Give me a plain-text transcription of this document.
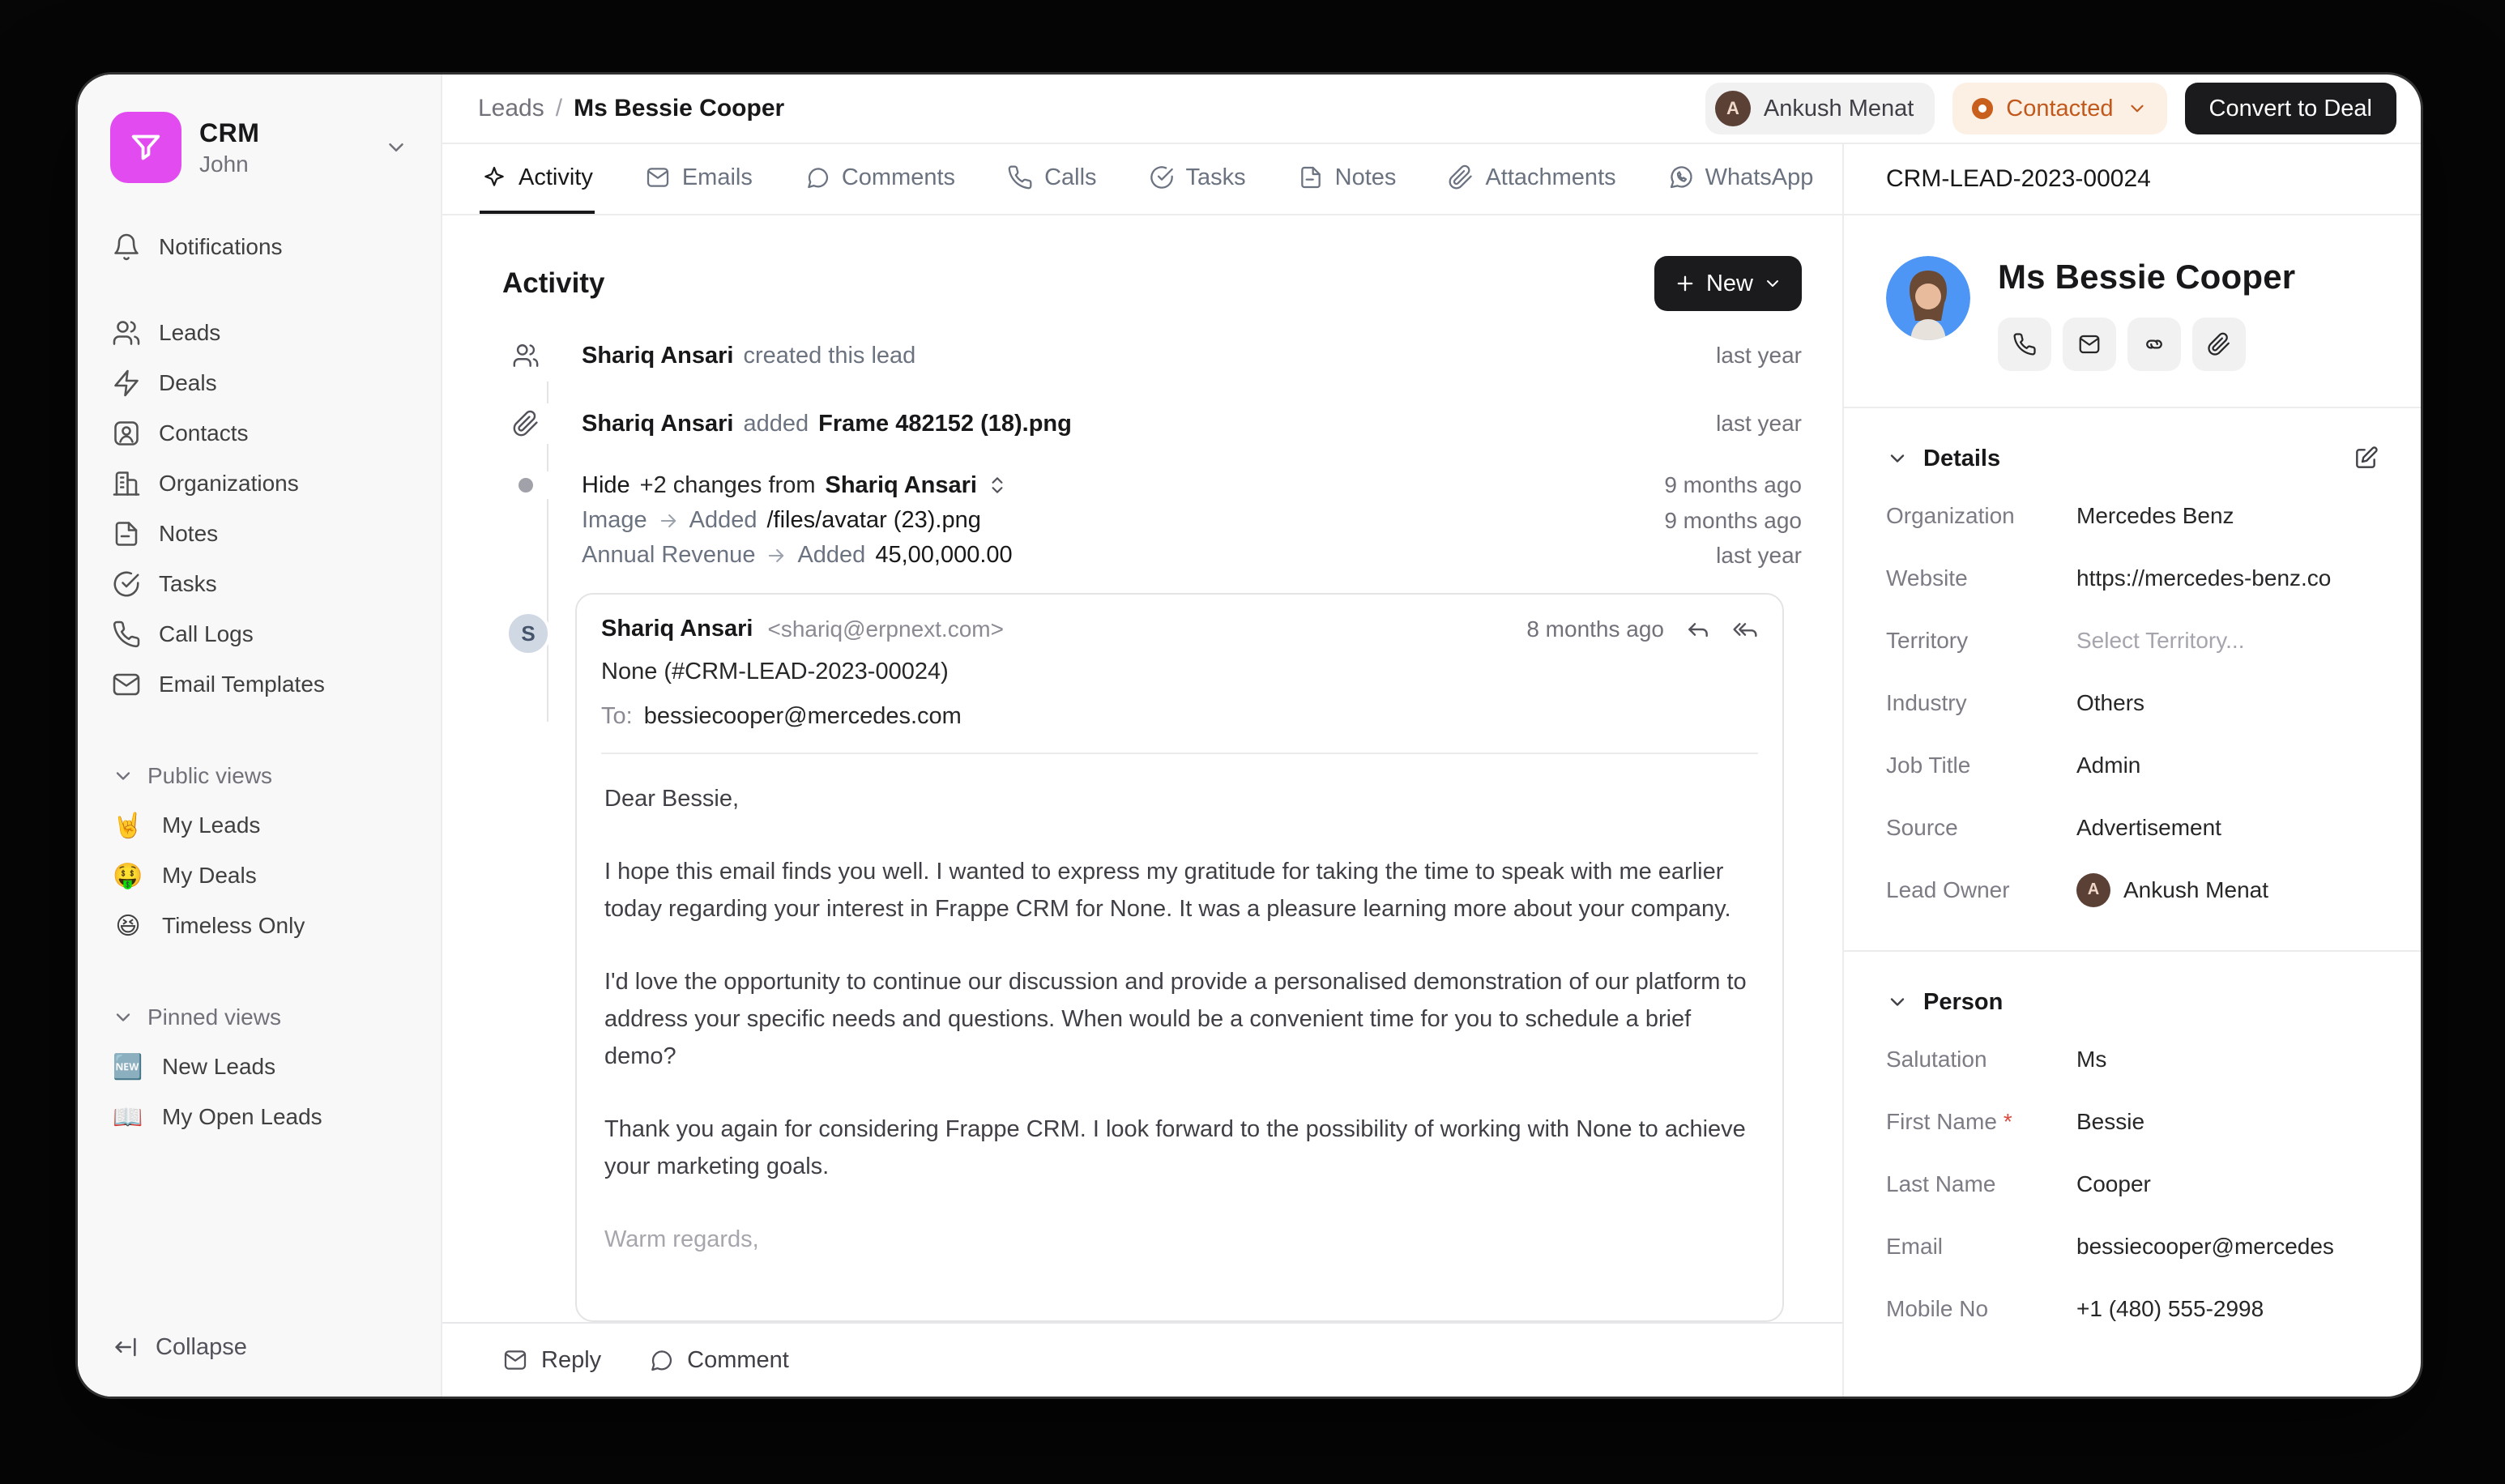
CRM
John
Notifications
Leads
Deals
Contacts
Organizations
Notes
Tasks
Call Logs
Email Templates
Public views
🤘 My Leads
🤑 My Deals
😆 Timeless Only
Pinned views
🆕 New Leads
📖 My Open Leads
Collapse
Leads / Ms Bessie Cooper	A	Ankush Menat	Contacted	Convert to Deal
Activity	Emails	Comments	Calls	Tasks	Notes	Attachments	WhatsApp
Activity	New
Shariq Ansari created this lead	last year
Shariq Ansari added Frame 482152 (18).png	last year
Hide +2 changes from Shariq Ansari	9 months ago
Image Added /files/avatar (23).png	9 months ago
Annual Revenue Added 45,00,000.00	last year
S	Shariq Ansari <shariq@erpnext.com>	8 months ago
None (#CRM-LEAD-2023-00024)
To: bessiecooper@mercedes.com

Dear Bessie,

I hope this email finds you well. I wanted to express my gratitude for taking the time to speak with me earlier today regarding your interest in Frappe CRM for None. It was a pleasure learning more about your company.

I'd love the opportunity to continue our discussion and provide a personalised demonstration of our platform to address your specific needs and questions. When would be a convenient time for you to schedule a brief demo?

Thank you again for considering Frappe CRM. I look forward to the possibility of working with None to achieve your marketing goals.

Warm regards,

Reply	Comment
CRM-LEAD-2023-00024
Ms Bessie Cooper
Details
Organization	Mercedes Benz
Website	https://mercedes-benz.co
Territory	Select Territory...
Industry	Others
Job Title	Admin
Source	Advertisement
Lead Owner	A	Ankush Menat
Person
Salutation	Ms
First Name *	Bessie
Last Name	Cooper
Email	bessiecooper@mercedes
Mobile No	+1 (480) 555-2998
